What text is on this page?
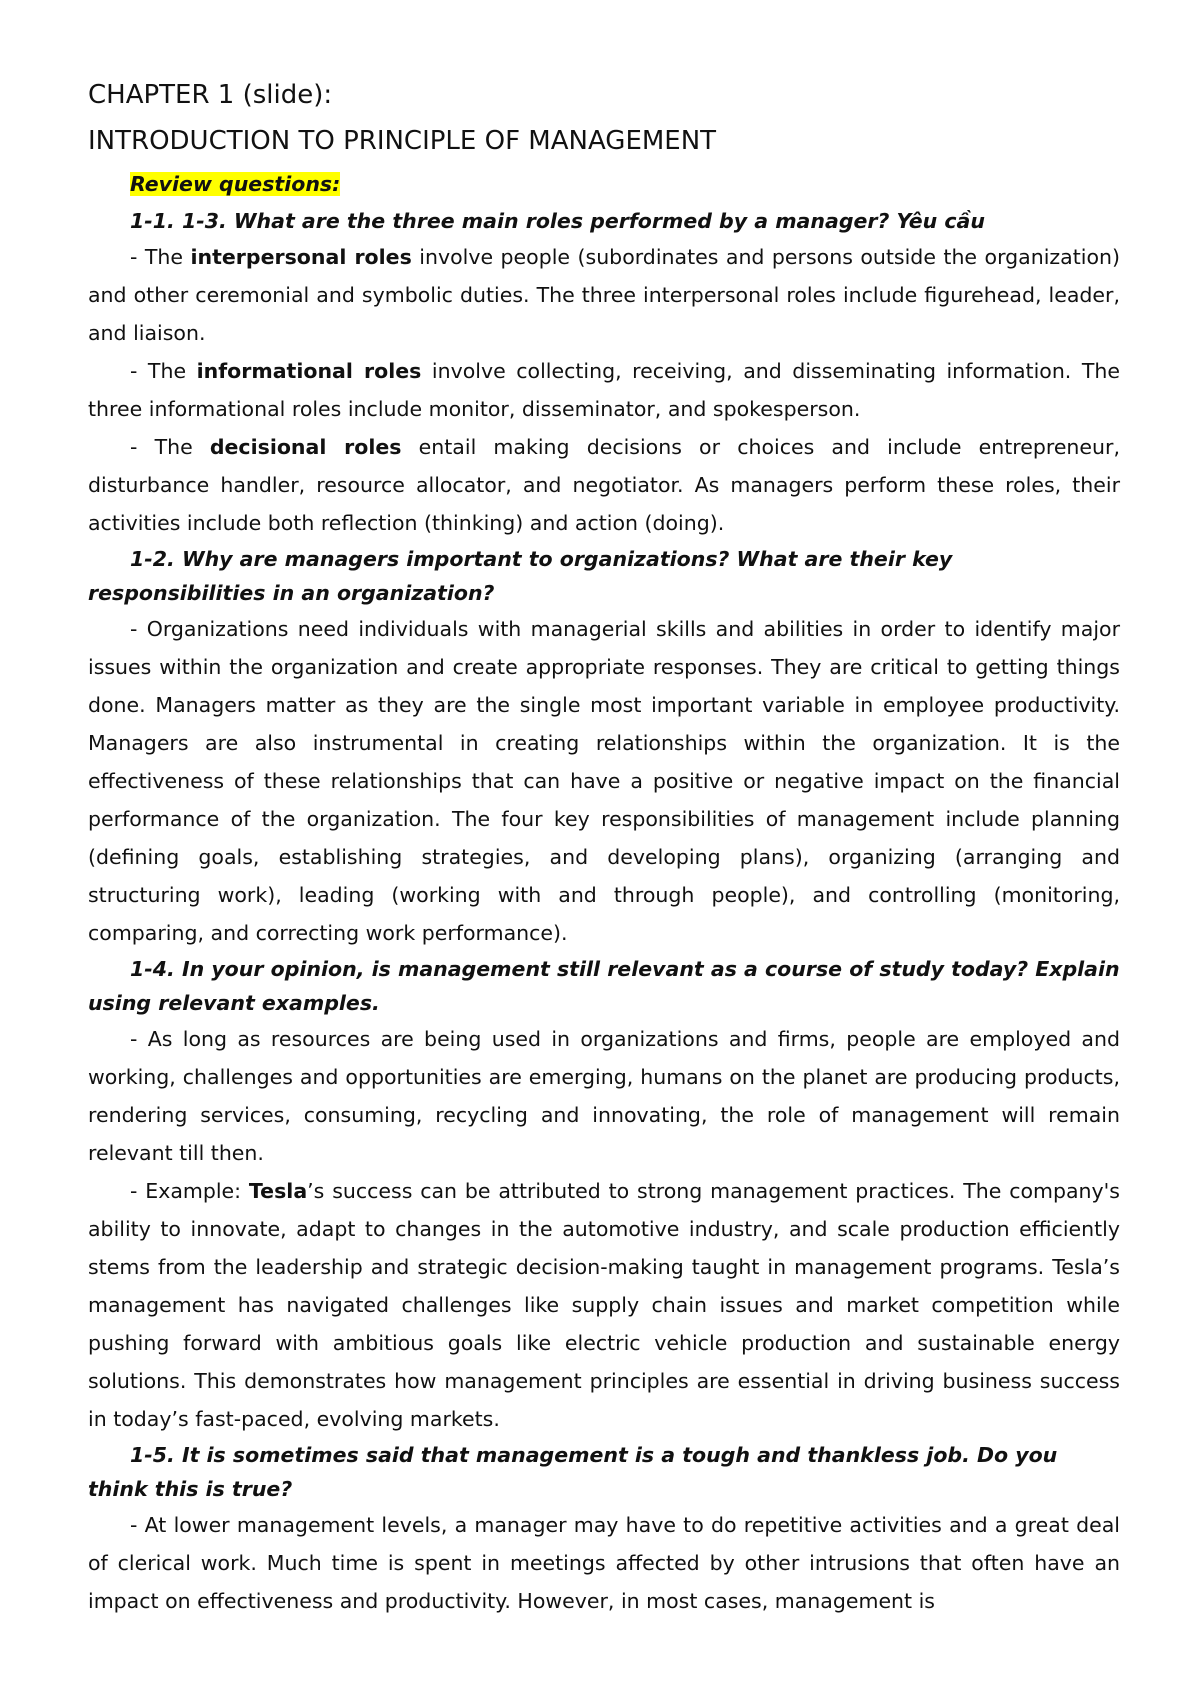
CHAPTER 1 (slide):

INTRODUCTION TO PRINCIPLE OF MANAGEMENT

Review questions:

1-1. 1-3. What are the three main roles performed by a manager? Yêu cầu

- The interpersonal roles involve people (subordinates and persons outside the organization) and other ceremonial and symbolic duties. The three interpersonal roles include figurehead, leader, and liaison.

- The informational roles involve collecting, receiving, and disseminating information. The three informational roles include monitor, disseminator, and spokesperson.

- The decisional roles entail making decisions or choices and include entrepreneur, disturbance handler, resource allocator, and negotiator. As managers perform these roles, their activities include both reflection (thinking) and action (doing).

1-2. Why are managers important to organizations? What are their key responsibilities in an organization?

- Organizations need individuals with managerial skills and abilities in order to identify major issues within the organization and create appropriate responses. They are critical to getting things done. Managers matter as they are the single most important variable in employee productivity. Managers are also instrumental in creating relationships within the organization. It is the effectiveness of these relationships that can have a positive or negative impact on the financial performance of the organization. The four key responsibilities of management include planning (defining goals, establishing strategies, and developing plans), organizing (arranging and structuring work), leading (working with and through people), and controlling (monitoring, comparing, and correcting work performance).

1-4. In your opinion, is management still relevant as a course of study today? Explain using relevant examples.

- As long as resources are being used in organizations and firms, people are employed and working, challenges and opportunities are emerging, humans on the planet are producing products, rendering services, consuming, recycling and innovating, the role of management will remain relevant till then.

- Example: Tesla’s success can be attributed to strong management practices. The company's ability to innovate, adapt to changes in the automotive industry, and scale production efficiently stems from the leadership and strategic decision-making taught in management programs. Tesla’s management has navigated challenges like supply chain issues and market competition while pushing forward with ambitious goals like electric vehicle production and sustainable energy solutions. This demonstrates how management principles are essential in driving business success in today’s fast-paced, evolving markets.

1-5. It is sometimes said that management is a tough and thankless job. Do you think this is true?

- At lower management levels, a manager may have to do repetitive activities and a great deal of clerical work. Much time is spent in meetings affected by other intrusions that often have an impact on effectiveness and productivity. However, in most cases, management is
